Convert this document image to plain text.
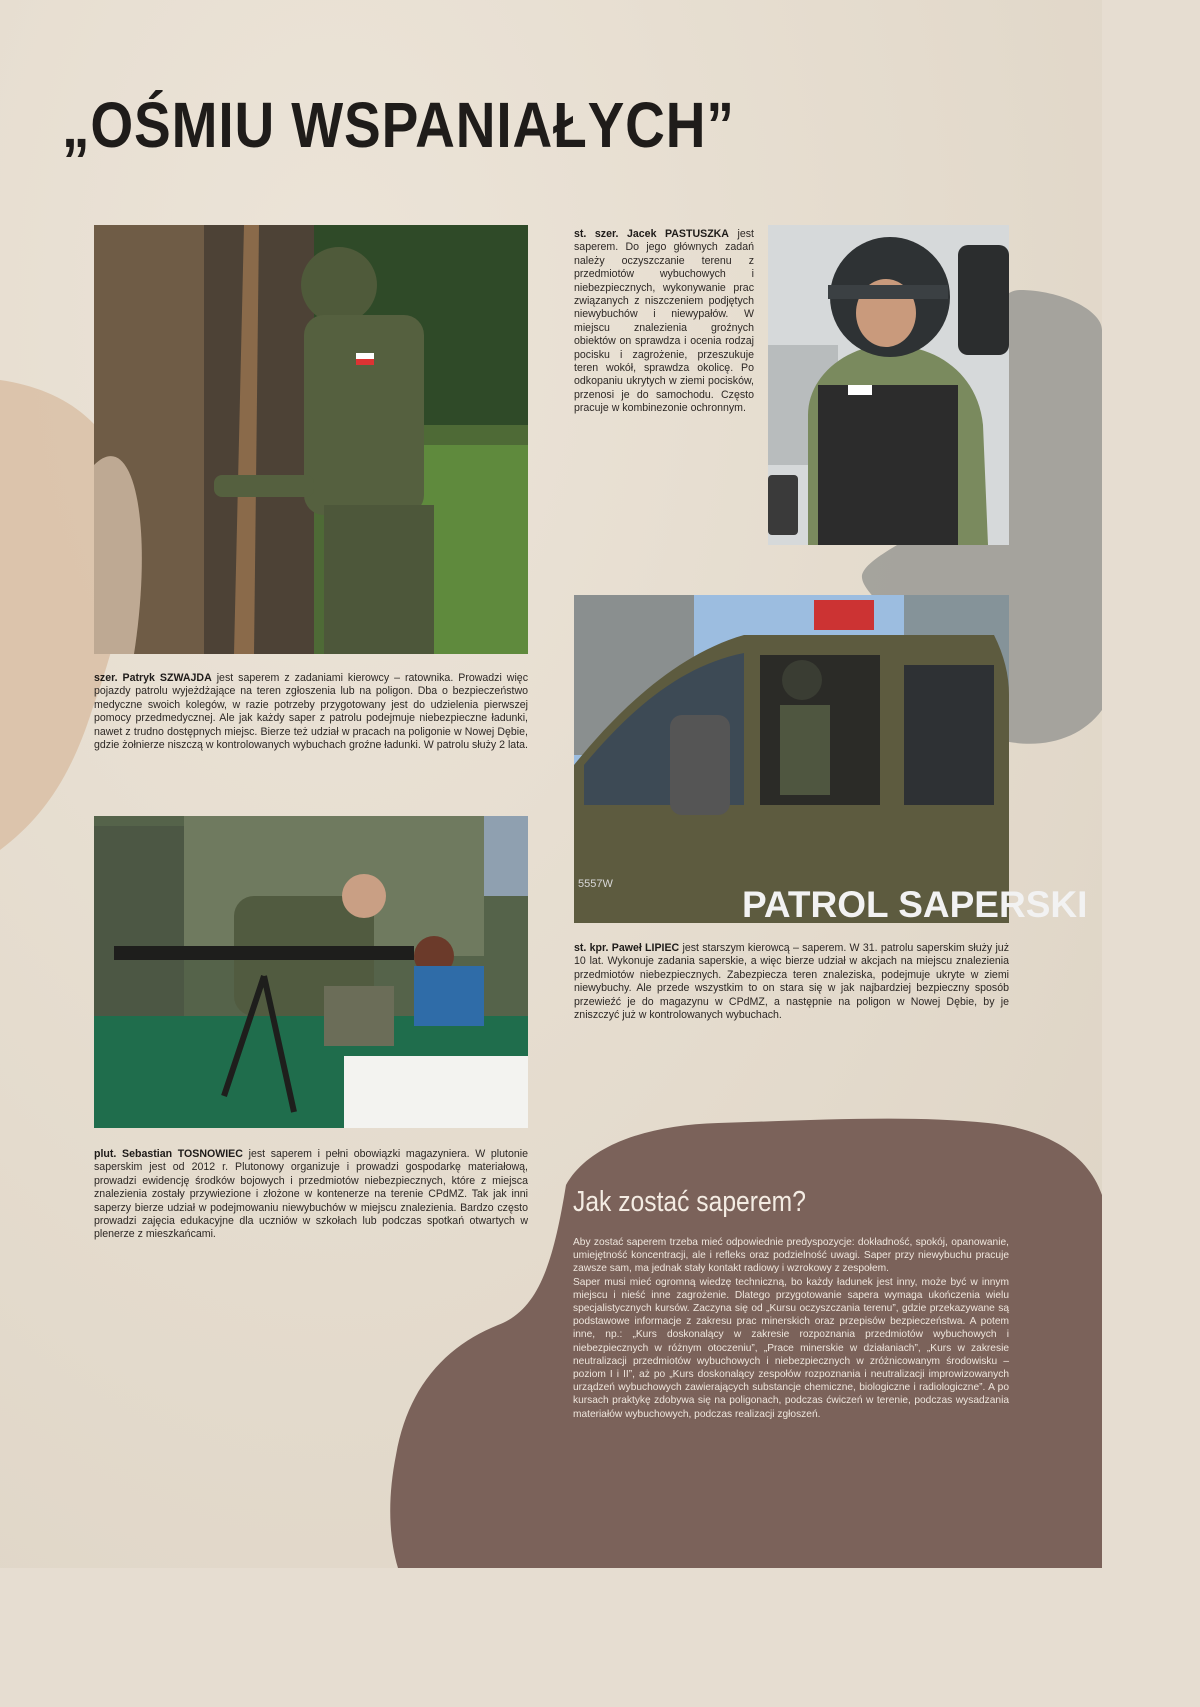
„OŚMIU WSPANIAŁYCH”

szer. Patryk SZWAJDA jest saperem z zadaniami kierowcy – ratownika. Prowadzi więc pojazdy patrolu wyjeżdżające na teren zgłoszenia lub na poligon. Dba o bezpieczeństwo medyczne swoich kolegów, w razie potrzeby przygotowany jest do udzielenia pierwszej pomocy przedmedycznej. Ale jak każdy saper z patrolu podejmuje niebezpieczne ładunki, nawet z trudno dostępnych miejsc. Bierze też udział w pracach na poligonie w Nowej Dębie, gdzie żołnierze niszczą w kontrolowanych wybuchach groźne ładunki. W patrolu służy 2 lata.

st. szer. Jacek PASTUSZKA jest saperem. Do jego głównych zadań należy oczyszczanie terenu z przedmiotów wybuchowych i niebezpiecznych, wykonywanie prac związanych z niszczeniem podjętych niewybuchów i niewypałów. W miejscu znalezienia groźnych obiektów on sprawdza i ocenia rodzaj pocisku i zagrożenie, przeszukuje teren wokół, sprawdza okolicę. Po odkopaniu ukrytych w ziemi pocisków, przenosi je do samochodu. Często pracuje w kombinezonie ochronnym.

PATROL SAPERSKI
5557W

st. kpr. Paweł LIPIEC jest starszym kierowcą – saperem. W 31. patrolu saperskim służy już 10 lat. Wykonuje zadania saperskie, a więc bierze udział w akcjach na miejscu znalezienia przedmiotów niebezpiecznych. Zabezpiecza teren znaleziska, podejmuje ukryte w ziemi niewybuchy. Ale przede wszystkim to on stara się w jak najbardziej bezpieczny sposób przewieźć je do magazynu w CPdMZ, a następnie na poligon w Nowej Dębie, by je zniszczyć już w kontrolowanych wybuchach.

plut. Sebastian TOSNOWIEC jest saperem i pełni obowiązki magazyniera. W plutonie saperskim jest od 2012 r. Plutonowy organizuje i prowadzi gospodarkę materiałową, prowadzi ewidencję środków bojowych i przedmiotów niebezpiecznych, które z miejsca znalezienia zostały przywiezione i złożone w kontenerze na terenie CPdMZ. Tak jak inni saperzy bierze udział w podejmowaniu niewybuchów w miejscu znalezienia. Bardzo często prowadzi zajęcia edukacyjne dla uczniów w szkołach lub podczas spotkań otwartych w plenerze z mieszkańcami.

Jak zostać saperem?
Aby zostać saperem trzeba mieć odpowiednie predyspozycje: dokładność, spokój, opanowanie, umiejętność koncentracji, ale i refleks oraz podzielność uwagi. Saper przy niewybuchu pracuje zawsze sam, ma jednak stały kontakt radiowy i wzrokowy z zespołem.
Saper musi mieć ogromną wiedzę techniczną, bo każdy ładunek jest inny, może być w innym miejscu i nieść inne zagrożenie. Dlatego przygotowanie sapera wymaga ukończenia wielu specjalistycznych kursów. Zaczyna się od „Kursu oczyszczania terenu”, gdzie przekazywane są podstawowe informacje z zakresu prac minerskich oraz przepisów bezpieczeństwa. A potem inne, np.: „Kurs doskonalący w zakresie rozpoznania przedmiotów wybuchowych i niebezpiecznych w różnym otoczeniu”, „Prace minerskie w działaniach”, „Kurs w zakresie neutralizacji przedmiotów wybuchowych i niebezpiecznych w zróżnicowanym środowisku – poziom I i II”, aż po „Kurs doskonalący zespołów rozpoznania i neutralizacji improwizowanych urządzeń wybuchowych zawierających substancje chemiczne, biologiczne i radiologiczne”. A po kursach praktykę zdobywa się na poligonach, podczas ćwiczeń w terenie, podczas wysadzania materiałów wybuchowych, podczas realizacji zgłoszeń.
